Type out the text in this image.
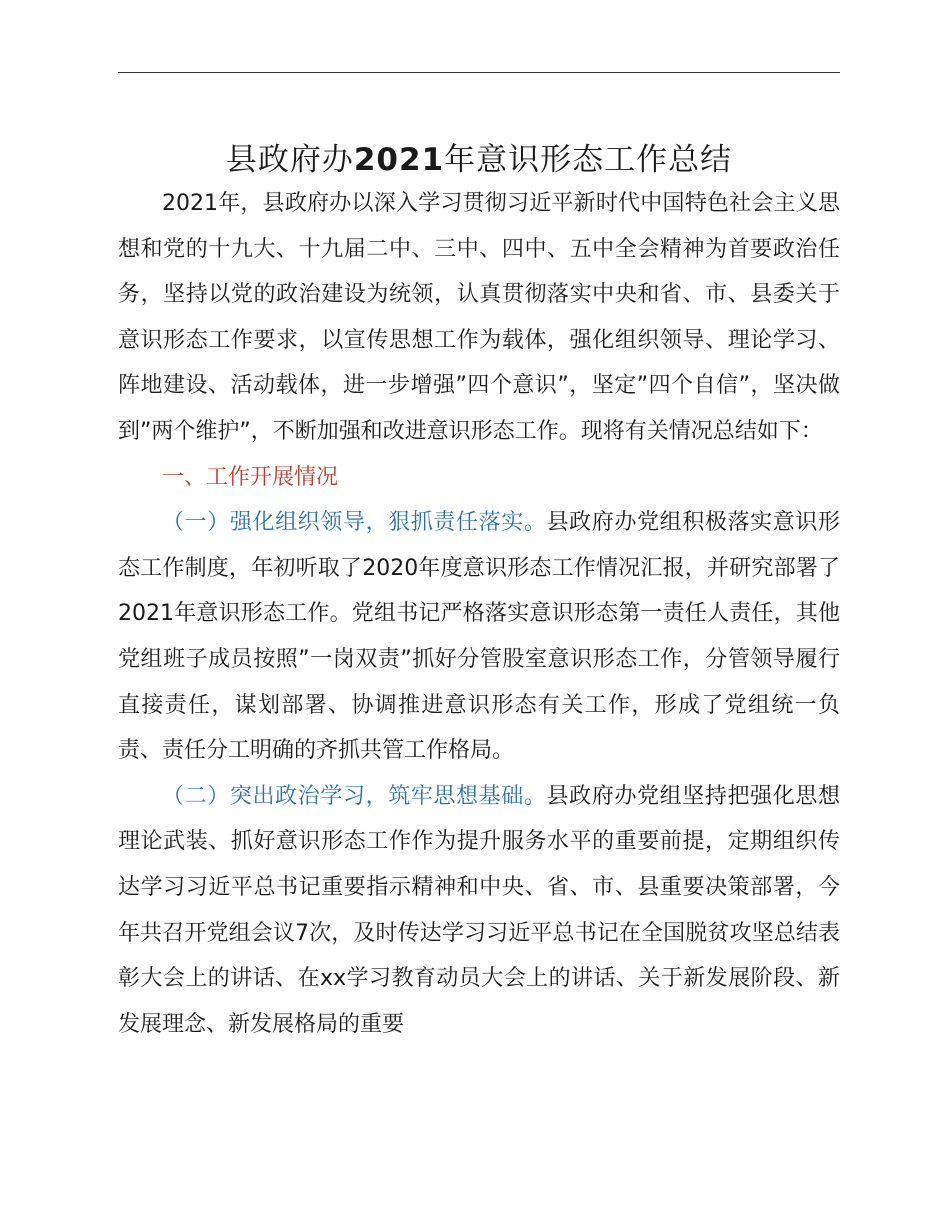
县政府办2021年意识形态工作总结

2021年，县政府办以深入学习贯彻习近平新时代中国特色社会主义思想和党的十九大、十九届二中、三中、四中、五中全会精神为首要政治任务，坚持以党的政治建设为统领，认真贯彻落实中央和省、市、县委关于意识形态工作要求，以宣传思想工作为载体，强化组织领导、理论学习、阵地建设、活动载体，进一步增强”四个意识”，坚定”四个自信”，坚决做到”两个维护”，不断加强和改进意识形态工作。现将有关情况总结如下：

一、工作开展情况

（一）强化组织领导，狠抓责任落实。县政府办党组积极落实意识形态工作制度，年初听取了2020年度意识形态工作情况汇报，并研究部署了2021年意识形态工作。党组书记严格落实意识形态第一责任人责任，其他党组班子成员按照”一岗双责”抓好分管股室意识形态工作，分管领导履行直接责任，谋划部署、协调推进意识形态有关工作，形成了党组统一负责、责任分工明确的齐抓共管工作格局。

（二）突出政治学习，筑牢思想基础。县政府办党组坚持把强化思想理论武装、抓好意识形态工作作为提升服务水平的重要前提，定期组织传达学习习近平总书记重要指示精神和中央、省、市、县重要决策部署，今年共召开党组会议7次，及时传达学习习近平总书记在全国脱贫攻坚总结表彰大会上的讲话、在xx学习教育动员大会上的讲话、关于新发展阶段、新发展理念、新发展格局的重要
